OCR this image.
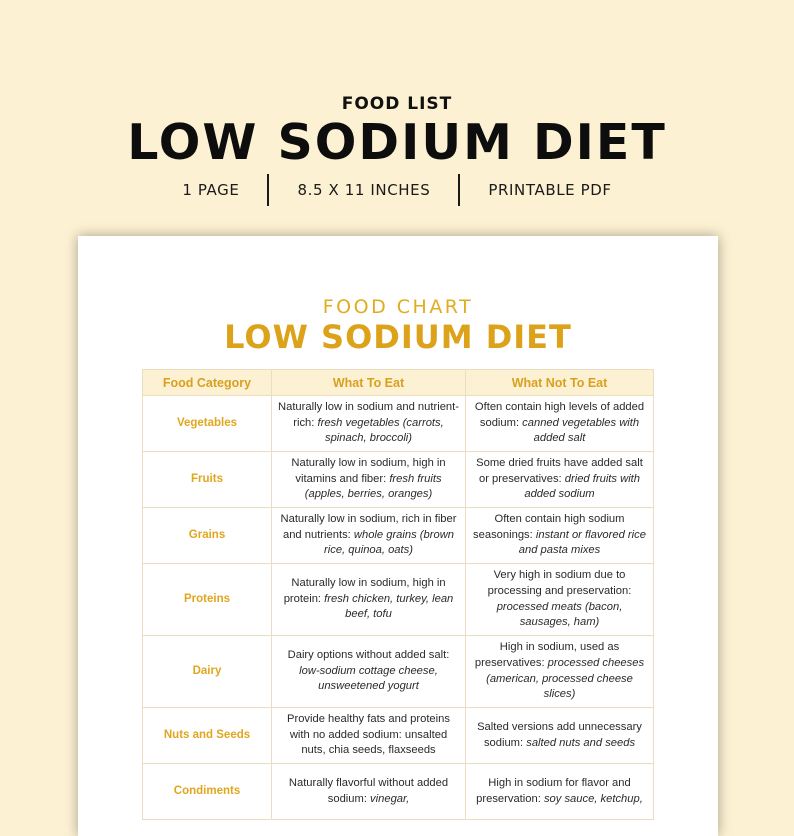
FOOD LIST
LOW SODIUM DIET
1 PAGE	8.5 X 11 INCHES	PRINTABLE PDF
FOOD CHART
LOW SODIUM DIET
Food Category	What To Eat	What Not To Eat
Vegetables	Naturally low in sodium and nutrient-rich: fresh vegetables (carrots, spinach, broccoli)	Often contain high levels of added sodium: canned vegetables with added salt
Fruits	Naturally low in sodium, high in vitamins and fiber: fresh fruits (apples, berries, oranges)	Some dried fruits have added salt or preservatives: dried fruits with added sodium
Grains	Naturally low in sodium, rich in fiber and nutrients: whole grains (brown rice, quinoa, oats)	Often contain high sodium seasonings: instant or flavored rice and pasta mixes
Proteins	Naturally low in sodium, high in protein: fresh chicken, turkey, lean beef, tofu	Very high in sodium due to processing and preservation: processed meats (bacon, sausages, ham)
Dairy	Dairy options without added salt: low-sodium cottage cheese, unsweetened yogurt	High in sodium, used as preservatives: processed cheeses (american, processed cheese slices)
Nuts and Seeds	Provide healthy fats and proteins with no added sodium: unsalted nuts, chia seeds, flaxseeds	Salted versions add unnecessary sodium: salted nuts and seeds
Condiments	Naturally flavorful without added sodium: vinegar,	High in sodium for flavor and preservation: soy sauce, ketchup,
